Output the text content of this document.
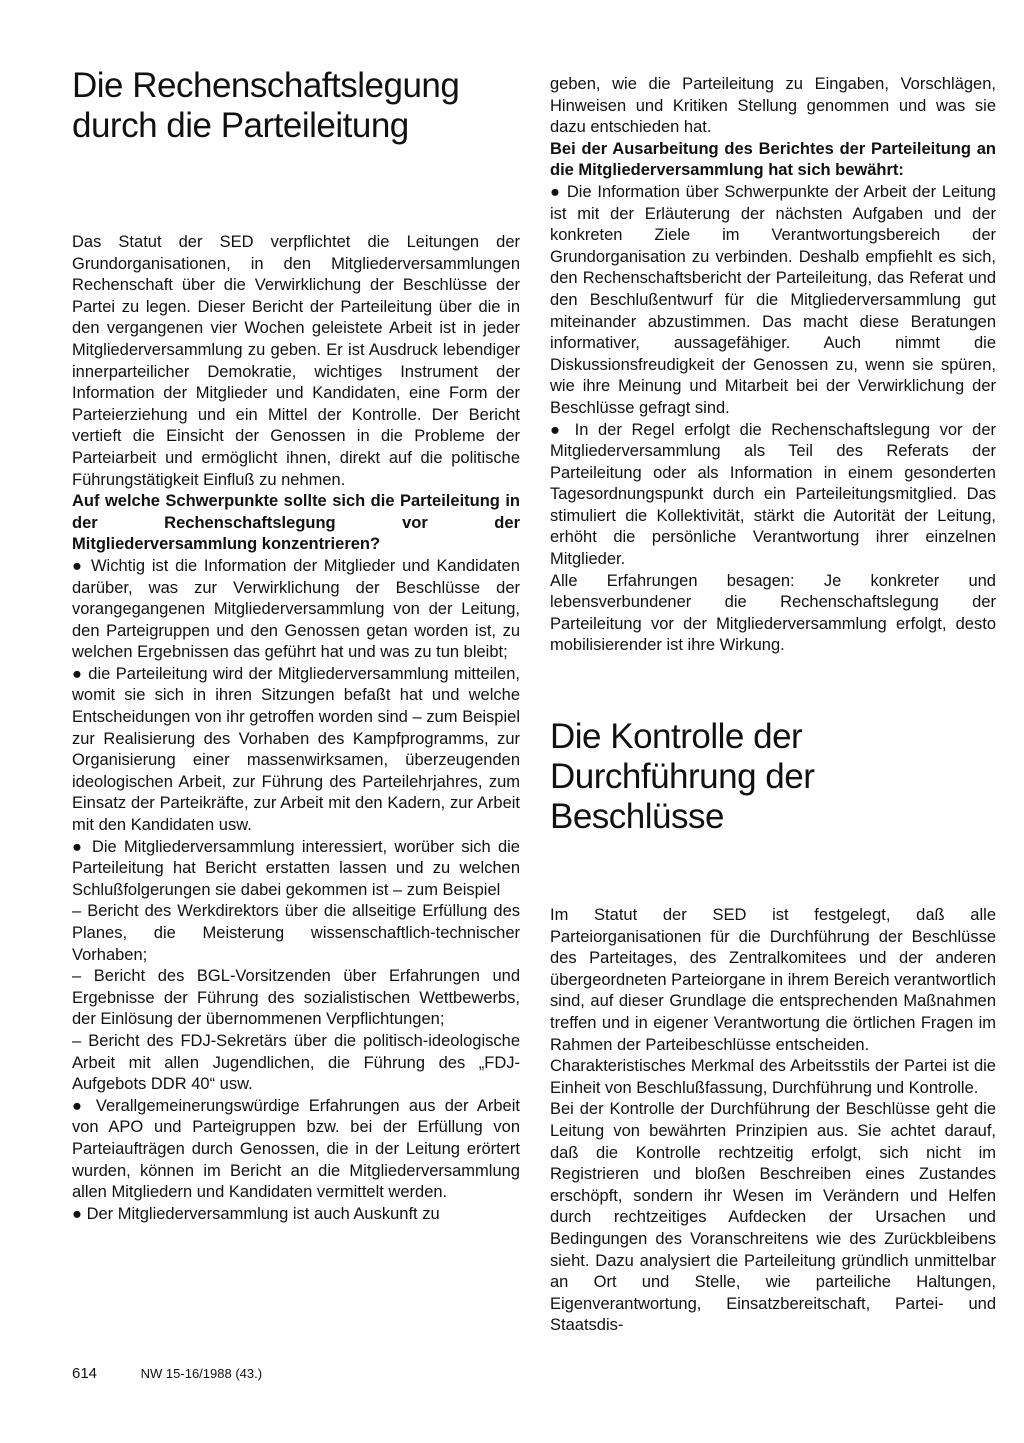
Die Rechenschaftslegung durch die Parteileitung

Das Statut der SED verpflichtet die Leitungen der Grundorganisationen, in den Mitgliederversammlungen Rechenschaft über die Verwirklichung der Beschlüsse der Partei zu legen. Dieser Bericht der Parteileitung über die in den vergangenen vier Wochen geleistete Arbeit ist in jeder Mitgliederversammlung zu geben. Er ist Ausdruck lebendiger innerparteilicher Demokratie, wichtiges Instrument der Information der Mitglieder und Kandidaten, eine Form der Parteierziehung und ein Mittel der Kontrolle. Der Bericht vertieft die Einsicht der Genossen in die Probleme der Parteiarbeit und ermöglicht ihnen, direkt auf die politische Führungstätigkeit Einfluß zu nehmen.

Auf welche Schwerpunkte sollte sich die Parteileitung in der Rechenschaftslegung vor der Mitgliederversammlung konzentrieren?

● Wichtig ist die Information der Mitglieder und Kandidaten darüber, was zur Verwirklichung der Beschlüsse der vorangegangenen Mitgliederversammlung von der Leitung, den Parteigruppen und den Genossen getan worden ist, zu welchen Ergebnissen das geführt hat und was zu tun bleibt;

● die Parteileitung wird der Mitgliederversammlung mitteilen, womit sie sich in ihren Sitzungen befaßt hat und welche Entscheidungen von ihr getroffen worden sind – zum Beispiel zur Realisierung des Vorhaben des Kampfprogramms, zur Organisierung einer massenwirksamen, überzeugenden ideologischen Arbeit, zur Führung des Parteilehrjahres, zum Einsatz der Parteikräfte, zur Arbeit mit den Kadern, zur Arbeit mit den Kandidaten usw.

● Die Mitgliederversammlung interessiert, worüber sich die Parteileitung hat Bericht erstatten lassen und zu welchen Schlußfolgerungen sie dabei gekommen ist – zum Beispiel

– Bericht des Werkdirektors über die allseitige Erfüllung des Planes, die Meisterung wissenschaftlich-technischer Vorhaben;

– Bericht des BGL-Vorsitzenden über Erfahrungen und Ergebnisse der Führung des sozialistischen Wettbewerbs, der Einlösung der übernommenen Verpflichtungen;

– Bericht des FDJ-Sekretärs über die politisch-ideologische Arbeit mit allen Jugendlichen, die Führung des „FDJ-Aufgebots DDR 40“ usw.

● Verallgemeinerungswürdige Erfahrungen aus der Arbeit von APO und Parteigruppen bzw. bei der Erfüllung von Parteiaufträgen durch Genossen, die in der Leitung erörtert wurden, können im Bericht an die Mitgliederversammlung allen Mitgliedern und Kandidaten vermittelt werden.

● Der Mitgliederversammlung ist auch Auskunft zu

geben, wie die Parteileitung zu Eingaben, Vorschlägen, Hinweisen und Kritiken Stellung genommen und was sie dazu entschieden hat.

Bei der Ausarbeitung des Berichtes der Parteileitung an die Mitgliederversammlung hat sich bewährt:

● Die Information über Schwerpunkte der Arbeit der Leitung ist mit der Erläuterung der nächsten Aufgaben und der konkreten Ziele im Verantwortungsbereich der Grundorganisation zu verbinden. Deshalb empfiehlt es sich, den Rechenschaftsbericht der Parteileitung, das Referat und den Beschlußentwurf für die Mitgliederversammlung gut miteinander abzustimmen. Das macht diese Beratungen informativer, aussagefähiger. Auch nimmt die Diskussionsfreudigkeit der Genossen zu, wenn sie spüren, wie ihre Meinung und Mitarbeit bei der Verwirklichung der Beschlüsse gefragt sind.

● In der Regel erfolgt die Rechenschaftslegung vor der Mitgliederversammlung als Teil des Referats der Parteileitung oder als Information in einem gesonderten Tagesordnungspunkt durch ein Parteileitungsmitglied. Das stimuliert die Kollektivität, stärkt die Autorität der Leitung, erhöht die persönliche Verantwortung ihrer einzelnen Mitglieder.

Alle Erfahrungen besagen: Je konkreter und lebensverbundener die Rechenschaftslegung der Parteileitung vor der Mitgliederversammlung erfolgt, desto mobilisierender ist ihre Wirkung.

Die Kontrolle der Durchführung der Beschlüsse

Im Statut der SED ist festgelegt, daß alle Parteiorganisationen für die Durchführung der Beschlüsse des Parteitages, des Zentralkomitees und der anderen übergeordneten Parteiorgane in ihrem Bereich verantwortlich sind, auf dieser Grundlage die entsprechenden Maßnahmen treffen und in eigener Verantwortung die örtlichen Fragen im Rahmen der Parteibeschlüsse entscheiden.

Charakteristisches Merkmal des Arbeitsstils der Partei ist die Einheit von Beschlußfassung, Durchführung und Kontrolle.

Bei der Kontrolle der Durchführung der Beschlüsse geht die Leitung von bewährten Prinzipien aus. Sie achtet darauf, daß die Kontrolle rechtzeitig erfolgt, sich nicht im Registrieren und bloßen Beschreiben eines Zustandes erschöpft, sondern ihr Wesen im Verändern und Helfen durch rechtzeitiges Aufdecken der Ursachen und Bedingungen des Voranschreitens wie des Zurückbleibens sieht. Dazu analysiert die Parteileitung gründlich unmittelbar an Ort und Stelle, wie parteiliche Haltungen, Eigenverantwortung, Einsatzbereitschaft, Partei- und Staatsdis-

614	NW 15-16/1988 (43.)
